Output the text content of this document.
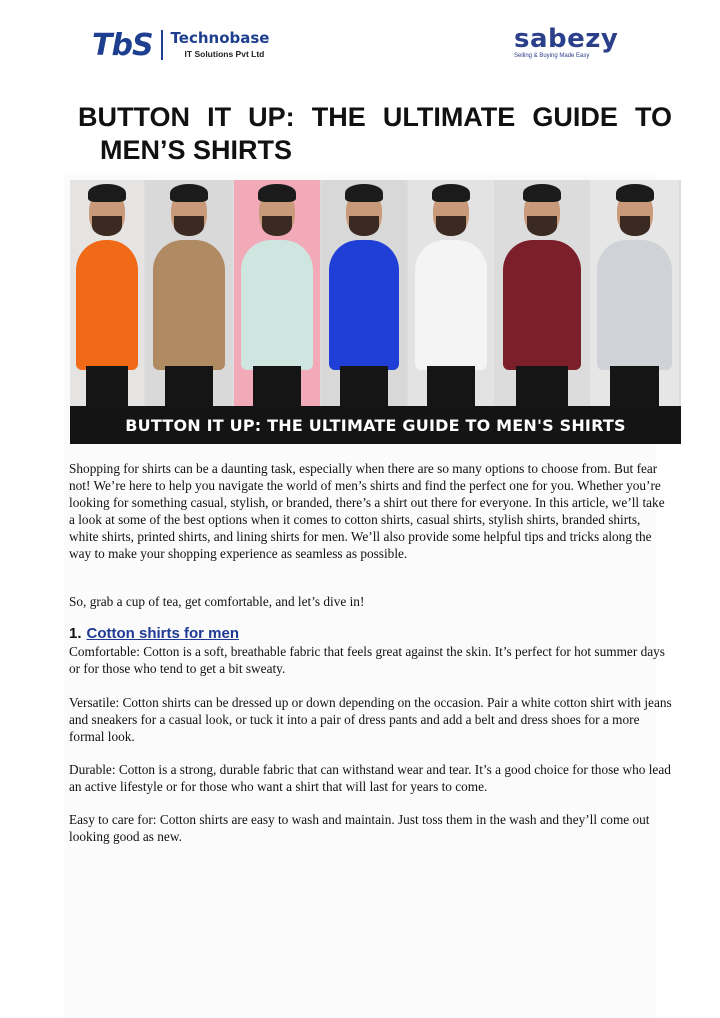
TbS Technobase
IT Solutions Pvt Ltd
sabezy
Selling & Buying Made Easy
BUTTON IT UP: THE ULTIMATE GUIDE TO
MEN’S SHIRTS
BUTTON IT UP: THE ULTIMATE GUIDE TO MEN'S SHIRTS

Shopping for shirts can be a daunting task, especially when there are so many options to choose from. But fear not! We’re here to help you navigate the world of men’s shirts and find the perfect one for you. Whether you’re looking for something casual, stylish, or branded, there’s a shirt out there for everyone. In this article, we’ll take a look at some of the best options when it comes to cotton shirts, casual shirts, stylish shirts, branded shirts, white shirts, printed shirts, and lining shirts for men. We’ll also provide some helpful tips and tricks along the way to make your shopping experience as seamless as possible.

So, grab a cup of tea, get comfortable, and let’s dive in!

1. Cotton shirts for men

Comfortable: Cotton is a soft, breathable fabric that feels great against the skin. It’s perfect for hot summer days or for those who tend to get a bit sweaty.

Versatile: Cotton shirts can be dressed up or down depending on the occasion. Pair a white cotton shirt with jeans and sneakers for a casual look, or tuck it into a pair of dress pants and add a belt and dress shoes for a more formal look.

Durable: Cotton is a strong, durable fabric that can withstand wear and tear. It’s a good choice for those who lead an active lifestyle or for those who want a shirt that will last for years to come.

Easy to care for: Cotton shirts are easy to wash and maintain. Just toss them in the wash and they’ll come out looking good as new.
